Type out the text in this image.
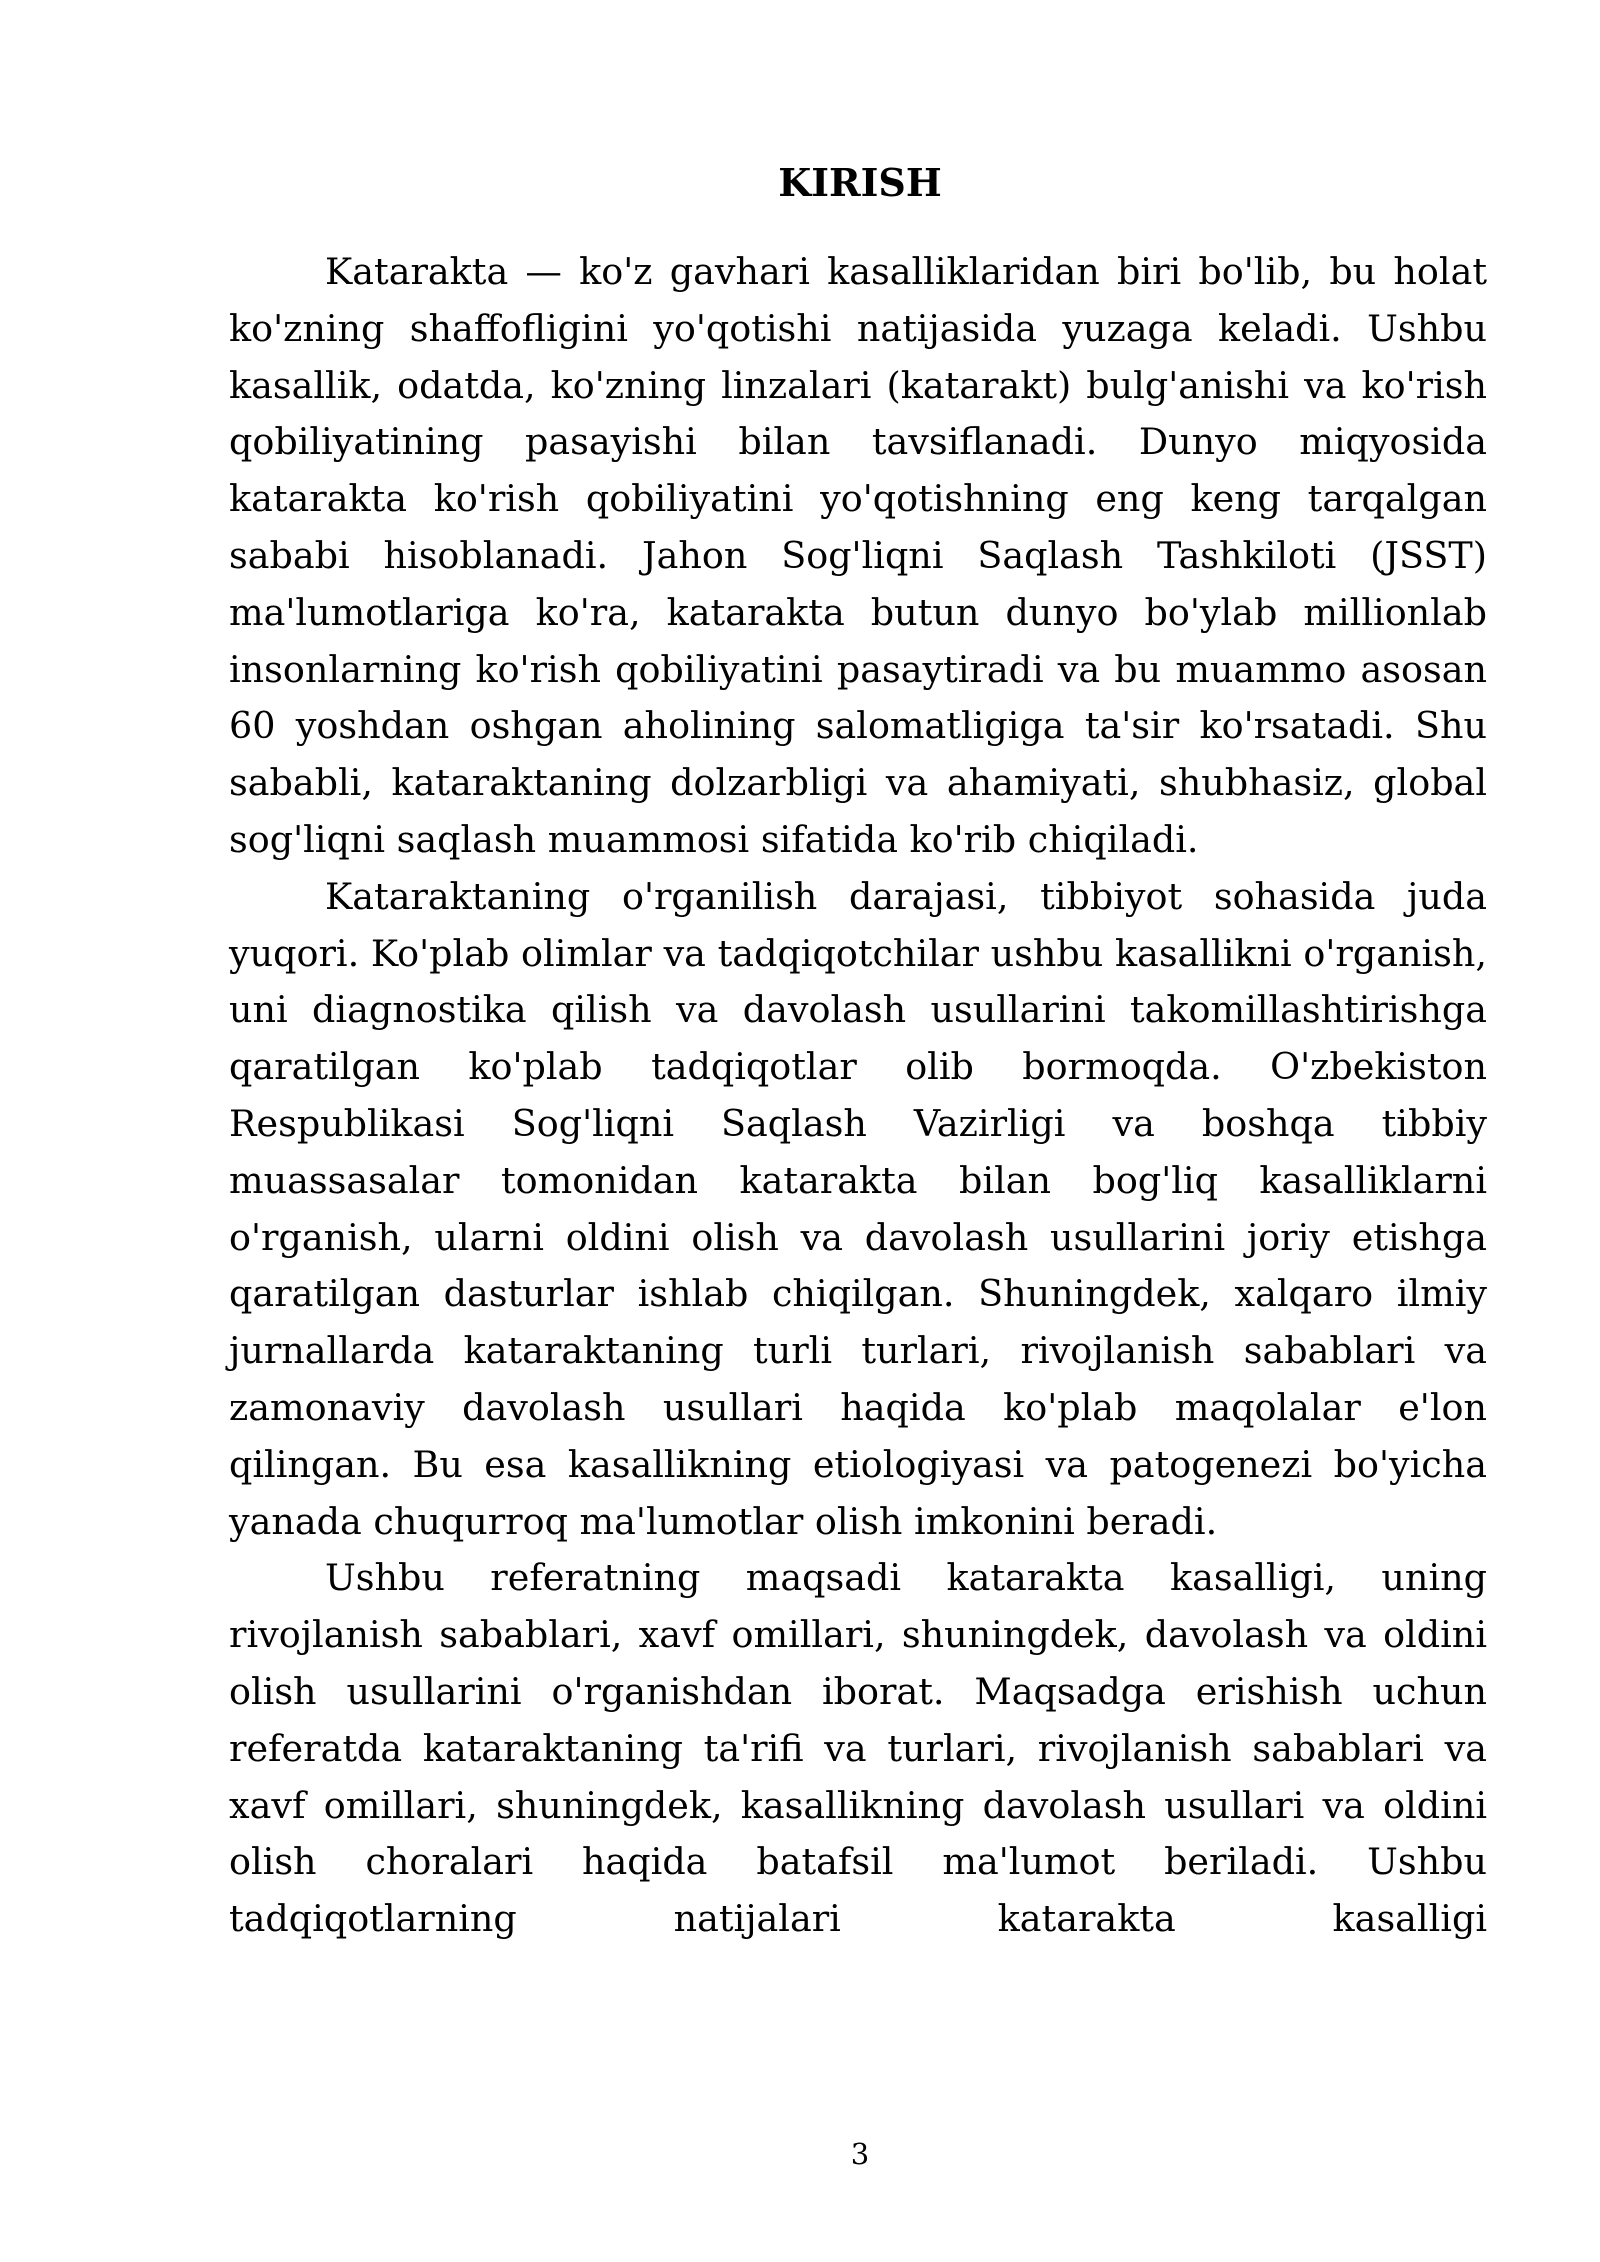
KIRISH

Katarakta — ko'z gavhari kasalliklaridan biri bo'lib, bu holat ko'zning shaffofligini yo'qotishi natijasida yuzaga keladi. Ushbu kasallik, odatda, ko'zning linzalari (katarakt) bulg'anishi va ko'rish qobiliyatining pasayishi bilan tavsiflanadi. Dunyo miqyosida katarakta ko'rish qobiliyatini yo'qotishning eng keng tarqalgan sababi hisoblanadi. Jahon Sog'liqni Saqlash Tashkiloti (JSST) ma'lumotlariga ko'ra, katarakta butun dunyo bo'ylab millionlab insonlarning ko'rish qobiliyatini pasaytiradi va bu muammo asosan 60 yoshdan oshgan aholining salomatligiga ta'sir ko'rsatadi. Shu sababli, kataraktaning dolzarbligi va ahamiyati, shubhasiz, global sog'liqni saqlash muammosi sifatida ko'rib chiqiladi.

Kataraktaning o'rganilish darajasi, tibbiyot sohasida juda yuqori. Ko'plab olimlar va tadqiqotchilar ushbu kasallikni o'rganish, uni diagnostika qilish va davolash usullarini takomillashtirishga qaratilgan ko'plab tadqiqotlar olib bormoqda. O'zbekiston Respublikasi Sog'liqni Saqlash Vazirligi va boshqa tibbiy muassasalar tomonidan katarakta bilan bog'liq kasalliklarni o'rganish, ularni oldini olish va davolash usullarini joriy etishga qaratilgan dasturlar ishlab chiqilgan. Shuningdek, xalqaro ilmiy jurnallarda kataraktaning turli turlari, rivojlanish sabablari va zamonaviy davolash usullari haqida ko'plab maqolalar e'lon qilingan. Bu esa kasallikning etiologiyasi va patogenezi bo'yicha yanada chuqurroq ma'lumotlar olish imkonini beradi.

Ushbu referatning maqsadi katarakta kasalligi, uning rivojlanish sabablari, xavf omillari, shuningdek, davolash va oldini olish usullarini o'rganishdan iborat. Maqsadga erishish uchun referatda kataraktaning ta'rifi va turlari, rivojlanish sabablari va xavf omillari, shuningdek, kasallikning davolash usullari va oldini olish choralari haqida batafsil ma'lumot beriladi. Ushbu tadqiqotlarning natijalari katarakta kasalligi

3
